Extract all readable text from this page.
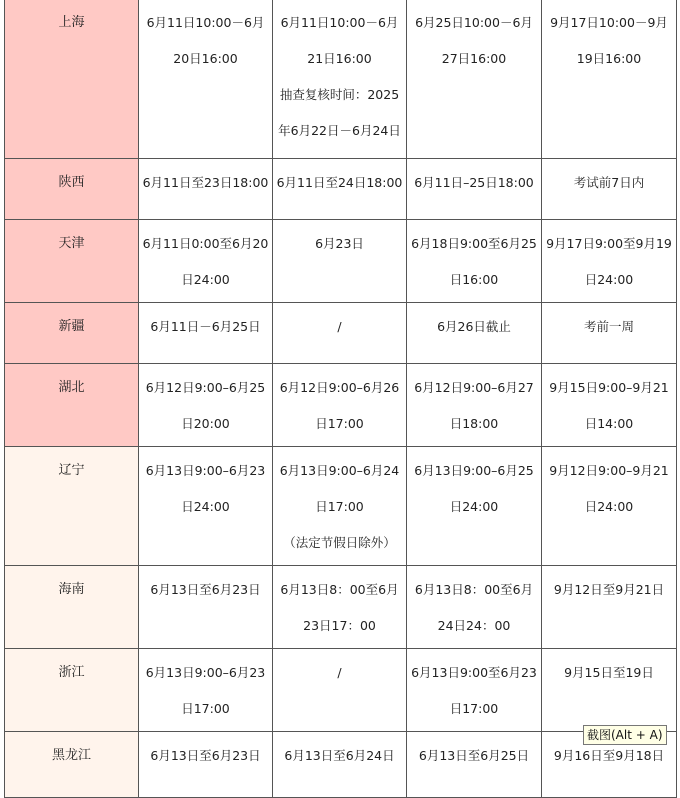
上海	6月11日10:00－6月
20日16:00	6月11日10:00－6月
21日16:00
抽查复核时间：2025
年6月22日－6月24日	6月25日10:00－6月
27日16:00	9月17日10:00－9月
19日16:00

陕西	6月11日至23日18:00	6月11日至24日18:00	6月11日–25日18:00	考试前7日内

天津	6月11日0:00至6月20
日24:00	6月23日	6月18日9:00至6月25
日16:00	9月17日9:00至9月19
日24:00

新疆	6月11日－6月25日	/	6月26日截止	考前一周

湖北	6月12日9:00–6月25
日20:00	6月12日9:00–6月26
日17:00	6月12日9:00–6月27
日18:00	9月15日9:00–9月21
日14:00

辽宁	6月13日9:00–6月23
日24:00	6月13日9:00–6月24
日17:00
（法定节假日除外）	6月13日9:00–6月25
日24:00	9月12日9:00–9月21
日24:00

海南	6月13日至6月23日	6月13日8：00至6月
23日17：00	6月13日8：00至6月
24日24：00	9月12日至9月21日

浙江	6月13日9:00–6月23
日17:00	/	6月13日9:00至6月23
日17:00	9月15日至19日

黑龙江	6月13日至6月23日	6月13日至6月24日	6月13日至6月25日	9月16日至9月18日
截图(Alt + A)
